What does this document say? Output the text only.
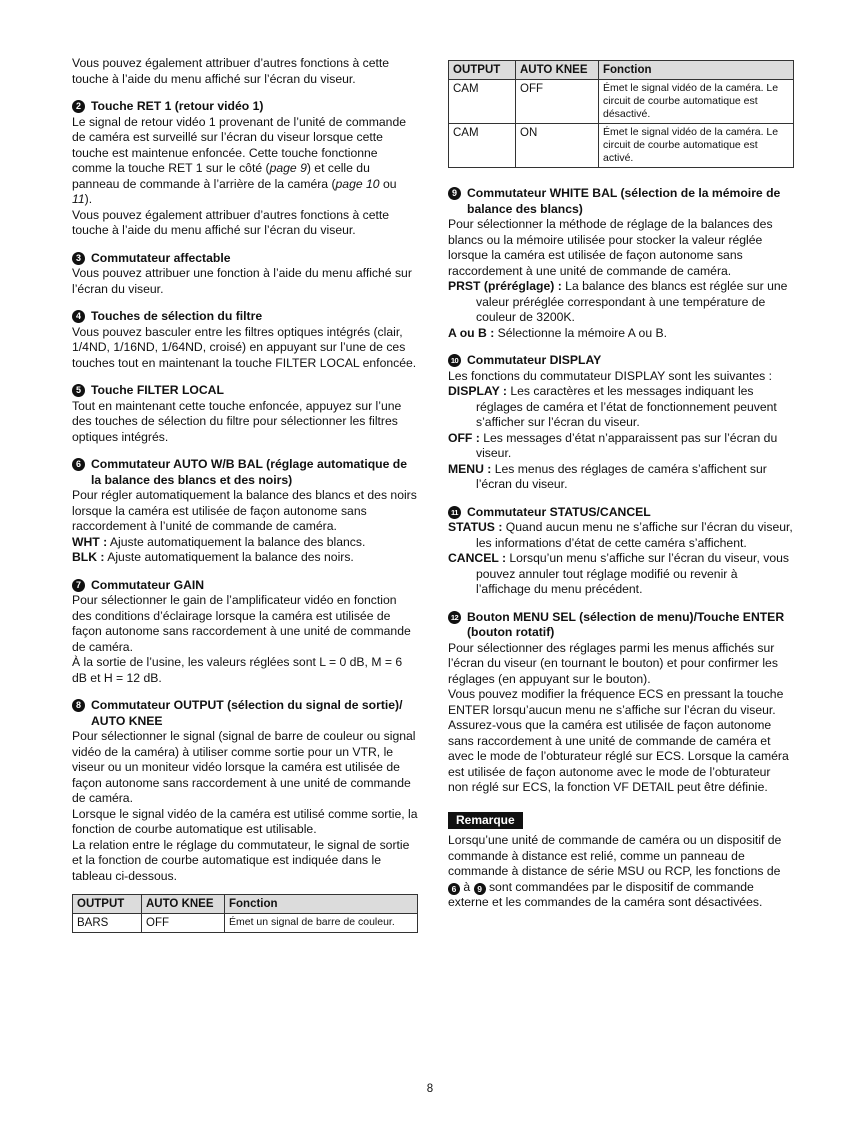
Vous pouvez également attribuer d’autres fonctions à cette touche à l’aide du menu affiché sur l’écran du viseur.

2 Touche RET 1 (retour vidéo 1)

Le signal de retour vidéo 1 provenant de l’unité de commande de caméra est surveillé sur l’écran du viseur lorsque cette touche est maintenue enfoncée. Cette touche fonctionne comme la touche RET 1 sur le côté (page 9) et celle du panneau de commande à l’arrière de la caméra (page 10 ou 11).

Vous pouvez également attribuer d’autres fonctions à cette touche à l’aide du menu affiché sur l’écran du viseur.

3 Commutateur affectable

Vous pouvez attribuer une fonction à l’aide du menu affiché sur l’écran du viseur.

4 Touches de sélection du filtre

Vous pouvez basculer entre les filtres optiques intégrés (clair, 1/4ND, 1/16ND, 1/64ND, croisé) en appuyant sur l’une de ces touches tout en maintenant la touche FILTER LOCAL enfoncée.

5 Touche FILTER LOCAL

Tout en maintenant cette touche enfoncée, appuyez sur l’une des touches de sélection du filtre pour sélectionner les filtres optiques intégrés.

6 Commutateur AUTO W/B BAL (réglage automatique de la balance des blancs et des noirs)

Pour régler automatiquement la balance des blancs et des noirs lorsque la caméra est utilisée de façon autonome sans raccordement à l’unité de commande de caméra.

WHT : Ajuste automatiquement la balance des blancs.

BLK : Ajuste automatiquement la balance des noirs.

7 Commutateur GAIN

Pour sélectionner le gain de l’amplificateur vidéo en fonction des conditions d’éclairage lorsque la caméra est utilisée de façon autonome sans raccordement à une unité de commande de caméra.

À la sortie de l’usine, les valeurs réglées sont L = 0 dB, M = 6 dB et H = 12 dB.

8 Commutateur OUTPUT (sélection du signal de sortie)/ AUTO KNEE

Pour sélectionner le signal (signal de barre de couleur ou signal vidéo de la caméra) à utiliser comme sortie pour un VTR, le viseur ou un moniteur vidéo lorsque la caméra est utilisée de façon autonome sans raccordement à une unité de commande de caméra.

Lorsque le signal vidéo de la caméra est utilisé comme sortie, la fonction de courbe automatique est utilisable.

La relation entre le réglage du commutateur, le signal de sortie et la fonction de courbe automatique est indiquée dans le tableau ci-dessous.

OUTPUT	AUTO KNEE	Fonction
BARS	OFF	Émet un signal de barre de couleur.
OUTPUT	AUTO KNEE	Fonction
CAM	OFF	Émet le signal vidéo de la caméra. Le circuit de courbe automatique est désactivé.
CAM	ON	Émet le signal vidéo de la caméra. Le circuit de courbe automatique est activé.
9 Commutateur WHITE BAL (sélection de la mémoire de balance des blancs)

Pour sélectionner la méthode de réglage de la balances des blancs ou la mémoire utilisée pour stocker la valeur réglée lorsque la caméra est utilisée de façon autonome sans raccordement à une unité de commande de caméra.

PRST (préréglage) : La balance des blancs est réglée sur une valeur préréglée correspondant à une température de couleur de 3200K.

A ou B : Sélectionne la mémoire A ou B.

10 Commutateur DISPLAY

Les fonctions du commutateur DISPLAY sont les suivantes :

DISPLAY : Les caractères et les messages indiquant les réglages de caméra et l’état de fonctionnement peuvent s’afficher sur l’écran du viseur.

OFF : Les messages d’état n’apparaissent pas sur l’écran du viseur.

MENU : Les menus des réglages de caméra s’affichent sur l’écran du viseur.

11 Commutateur STATUS/CANCEL

STATUS : Quand aucun menu ne s’affiche sur l’écran du viseur, les informations d’état de cette caméra s’affichent.

CANCEL : Lorsqu’un menu s’affiche sur l’écran du viseur, vous pouvez annuler tout réglage modifié ou revenir à l’affichage du menu précédent.

12 Bouton MENU SEL (sélection de menu)/Touche ENTER (bouton rotatif)

Pour sélectionner des réglages parmi les menus affichés sur l’écran du viseur (en tournant le bouton) et pour confirmer les réglages (en appuyant sur le bouton).

Vous pouvez modifier la fréquence ECS en pressant la touche ENTER lorsqu’aucun menu ne s’affiche sur l’écran du viseur. Assurez-vous que la caméra est utilisée de façon autonome sans raccordement à une unité de commande de caméra et avec le mode de l’obturateur réglé sur ECS. Lorsque la caméra est utilisée de façon autonome avec le mode de l’obturateur non réglé sur ECS, la fonction VF DETAIL peut être définie.

Remarque

Lorsqu’une unité de commande de caméra ou un dispositif de commande à distance est relié, comme un panneau de commande à distance de série MSU ou RCP, les fonctions de 6 à 9 sont commandées par le dispositif de commande externe et les commandes de la caméra sont désactivées.

8
